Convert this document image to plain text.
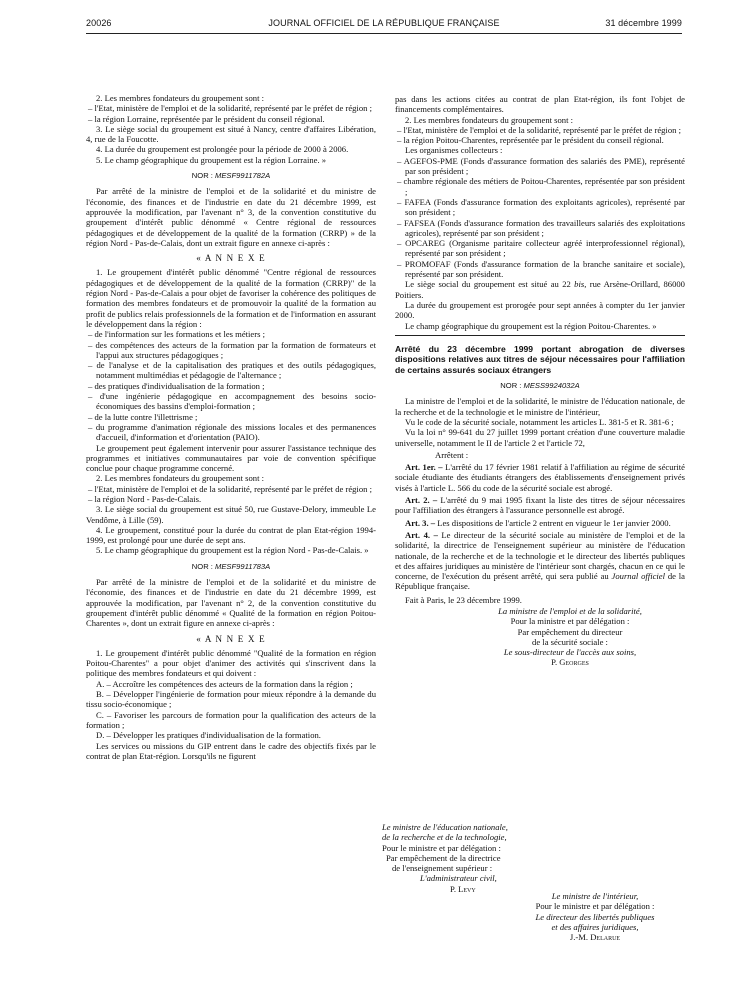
20026	JOURNAL OFFICIEL DE LA RÉPUBLIQUE FRANÇAISE	31 décembre 1999

2. Les membres fondateurs du groupement sont :

– l'Etat, ministère de l'emploi et de la solidarité, représenté par le préfet de région ;

– la région Lorraine, représentée par le président du conseil régional.

3. Le siège social du groupement est situé à Nancy, centre d'affaires Libération, 4, rue de la Foucotte.

4. La durée du groupement est prolongée pour la période de 2000 à 2006.

5. Le champ géographique du groupement est la région Lorraine. »

NOR : MESF9911782A

Par arrêté de la ministre de l'emploi et de la solidarité et du ministre de l'économie, des finances et de l'industrie en date du 21 décembre 1999, est approuvée la modification, par l'avenant n° 3, de la convention constitutive du groupement d'intérêt public dénommé « Centre régional de ressources pédagogiques et de développement de la qualité de la formation (CRRP) » de la région Nord - Pas-de-Calais, dont un extrait figure en annexe ci-après :

« A N N E X E

1. Le groupement d'intérêt public dénommé "Centre régional de ressources pédagogiques et de développement de la qualité de la formation (CRRP)" de la région Nord - Pas-de-Calais a pour objet de favoriser la cohérence des politiques de formation des membres fondateurs et de promouvoir la qualité de la formation au profit de publics relais professionnels de la formation et de l'information en assurant le développement dans la région :

– de l'information sur les formations et les métiers ;

– des compétences des acteurs de la formation par la formation de formateurs et l'appui aux structures pédagogiques ;

– de l'analyse et de la capitalisation des pratiques et des outils pédagogiques, notamment multimédias et pédagogie de l'alternance ;

– des pratiques d'individualisation de la formation ;

– d'une ingénierie pédagogique en accompagnement des besoins socio-économiques des bassins d'emploi-formation ;

– de la lutte contre l'illettrisme ;

– du programme d'animation régionale des missions locales et des permanences d'accueil, d'information et d'orientation (PAIO).

Le groupement peut également intervenir pour assurer l'assistance technique des programmes et initiatives communautaires par voie de convention spécifique conclue pour chaque programme concerné.

2. Les membres fondateurs du groupement sont :

– l'Etat, ministère de l'emploi et de la solidarité, représenté par le préfet de région ;

– la région Nord - Pas-de-Calais.

3. Le siège social du groupement est situé 50, rue Gustave-Delory, immeuble Le Vendôme, à Lille (59).

4. Le groupement, constitué pour la durée du contrat de plan Etat-région 1994-1999, est prolongé pour une durée de sept ans.

5. Le champ géographique du groupement est la région Nord - Pas-de-Calais. »

NOR : MESF9911783A

Par arrêté de la ministre de l'emploi et de la solidarité et du ministre de l'économie, des finances et de l'industrie en date du 21 décembre 1999, est approuvée la modification, par l'avenant n° 2, de la convention constitutive du groupement d'intérêt public dénommé « Qualité de la formation en région Poitou-Charentes », dont un extrait figure en annexe ci-après :

« A N N E X E

1. Le groupement d'intérêt public dénommé "Qualité de la formation en région Poitou-Charentes" a pour objet d'animer des activités qui s'inscrivent dans la politique des membres fondateurs et qui doivent :

A. – Accroître les compétences des acteurs de la formation dans la région ;

B. – Développer l'ingénierie de formation pour mieux répondre à la demande du tissu socio-économique ;

C. – Favoriser les parcours de formation pour la qualification des acteurs de la formation ;

D. – Développer les pratiques d'individualisation de la formation.

Les services ou missions du GIP entrent dans le cadre des objectifs fixés par le contrat de plan Etat-région. Lorsqu'ils ne figurent

pas dans les actions citées au contrat de plan Etat-région, ils font l'objet de financements complémentaires.

2. Les membres fondateurs du groupement sont :

– l'Etat, ministère de l'emploi et de la solidarité, représenté par le préfet de région ;

– la région Poitou-Charentes, représentée par le président du conseil régional.

Les organismes collecteurs :

– AGEFOS-PME (Fonds d'assurance formation des salariés des PME), représenté par son président ;

– chambre régionale des métiers de Poitou-Charentes, représentée par son président ;

– FAFEA (Fonds d'assurance formation des exploitants agricoles), représenté par son président ;

– FAFSEA (Fonds d'assurance formation des travailleurs salariés des exploitations agricoles), représenté par son président ;

– OPCAREG (Organisme paritaire collecteur agréé interprofessionnel régional), représenté par son président ;

– PROMOFAF (Fonds d'assurance formation de la branche sanitaire et sociale), représenté par son président.

Le siège social du groupement est situé au 22 bis, rue Arsène-Orillard, 86000 Poitiers.

La durée du groupement est prorogée pour sept années à compter du 1er janvier 2000.

Le champ géographique du groupement est la région Poitou-Charentes. »

Arrêté du 23 décembre 1999 portant abrogation de diverses dispositions relatives aux titres de séjour nécessaires pour l'affiliation de certains assurés sociaux étrangers

NOR : MESS9924032A

La ministre de l'emploi et de la solidarité, le ministre de l'éducation nationale, de la recherche et de la technologie et le ministre de l'intérieur,

Vu le code de la sécurité sociale, notamment les articles L. 381-5 et R. 381-6 ;

Vu la loi n° 99-641 du 27 juillet 1999 portant création d'une couverture maladie universelle, notamment le II de l'article 2 et l'article 72,

Arrêtent :

Art. 1er. – L'arrêté du 17 février 1981 relatif à l'affiliation au régime de sécurité sociale étudiante des étudiants étrangers des établissements d'enseignement privés visés à l'article L. 566 du code de la sécurité sociale est abrogé.

Art. 2. – L'arrêté du 9 mai 1995 fixant la liste des titres de séjour nécessaires pour l'affiliation des étrangers à l'assurance personnelle est abrogé.

Art. 3. – Les dispositions de l'article 2 entrent en vigueur le 1er janvier 2000.

Art. 4. – Le directeur de la sécurité sociale au ministère de l'emploi et de la solidarité, la directrice de l'enseignement supérieur au ministère de l'éducation nationale, de la recherche et de la technologie et le directeur des libertés publiques et des affaires juridiques au ministère de l'intérieur sont chargés, chacun en ce qui le concerne, de l'exécution du présent arrêté, qui sera publié au Journal officiel de la République française.

Fait à Paris, le 23 décembre 1999.

La ministre de l'emploi et de la solidarité,

Pour la ministre et par délégation :

Par empêchement du directeur

de la sécurité sociale :

Le sous-directeur de l'accès aux soins,

P. Georges

Le ministre de l'éducation nationale,

de la recherche et de la technologie,

Pour le ministre et par délégation :

Par empêchement de la directrice

de l'enseignement supérieur :

L'administrateur civil,

P. Levy

Le ministre de l'intérieur,

Pour le ministre et par délégation :

Le directeur des libertés publiques

et des affaires juridiques,

J.-M. Delarue
